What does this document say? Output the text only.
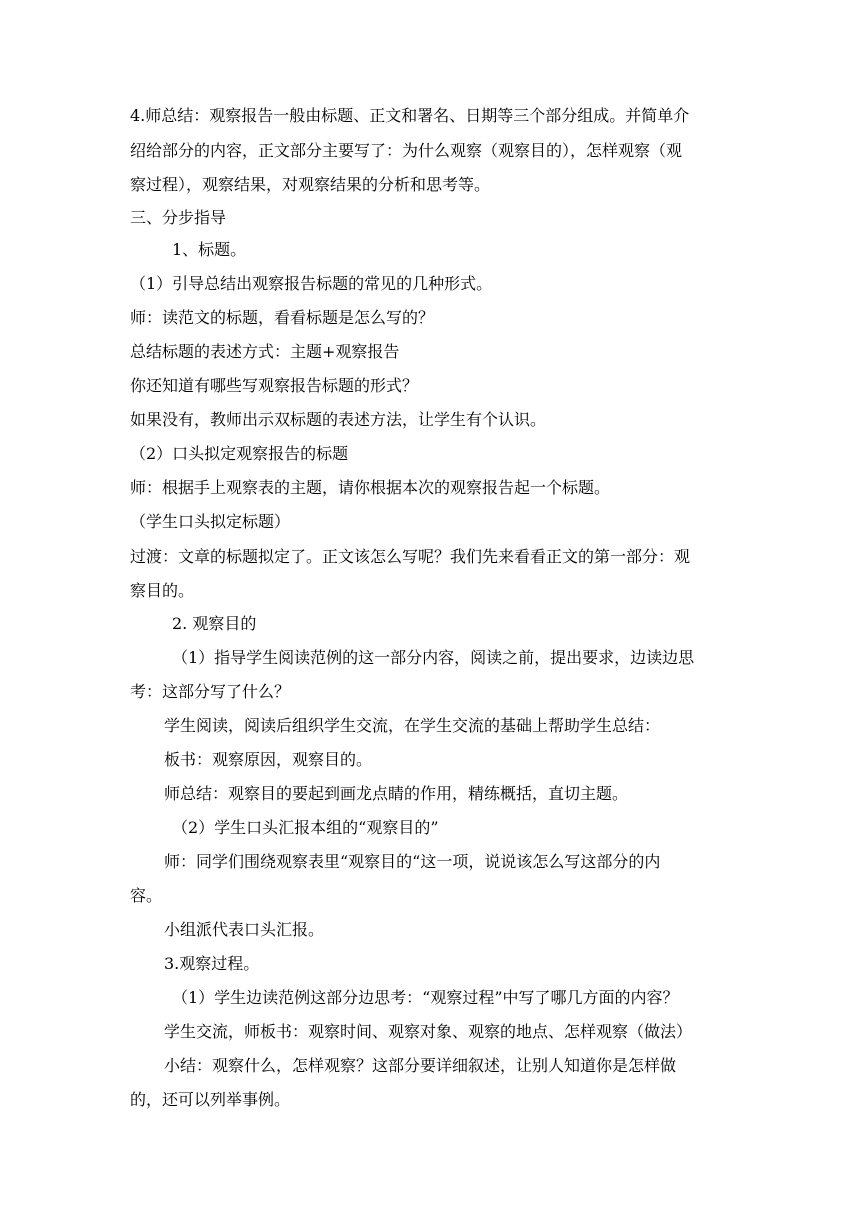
4.师总结：观察报告一般由标题、正文和署名、日期等三个部分组成。并简单介
绍给部分的内容，正文部分主要写了：为什么观察（观察目的），怎样观察（观
察过程），观察结果，对观察结果的分析和思考等。
三、分步指导
1、标题。
（1）引导总结出观察报告标题的常见的几种形式。
师：读范文的标题，看看标题是怎么写的？
总结标题的表述方式：主题+观察报告
你还知道有哪些写观察报告标题的形式？
如果没有，教师出示双标题的表述方法，让学生有个认识。
（2）口头拟定观察报告的标题
师：根据手上观察表的主题，请你根据本次的观察报告起一个标题。
（学生口头拟定标题）
过渡：文章的标题拟定了。正文该怎么写呢？我们先来看看正文的第一部分：观
察目的。
2. 观察目的
（1）指导学生阅读范例的这一部分内容，阅读之前，提出要求，边读边思
考：这部分写了什么？
学生阅读，阅读后组织学生交流，在学生交流的基础上帮助学生总结：
板书：观察原因，观察目的。
师总结：观察目的要起到画龙点睛的作用，精练概括，直切主题。
（2）学生口头汇报本组的“观察目的”
师：同学们围绕观察表里“观察目的“这一项，说说该怎么写这部分的内
容。
小组派代表口头汇报。
3.观察过程。
（1）学生边读范例这部分边思考：“观察过程”中写了哪几方面的内容？
学生交流，师板书：观察时间、观察对象、观察的地点、怎样观察（做法）
小结：观察什么，怎样观察？这部分要详细叙述，让别人知道你是怎样做
的，还可以列举事例。
